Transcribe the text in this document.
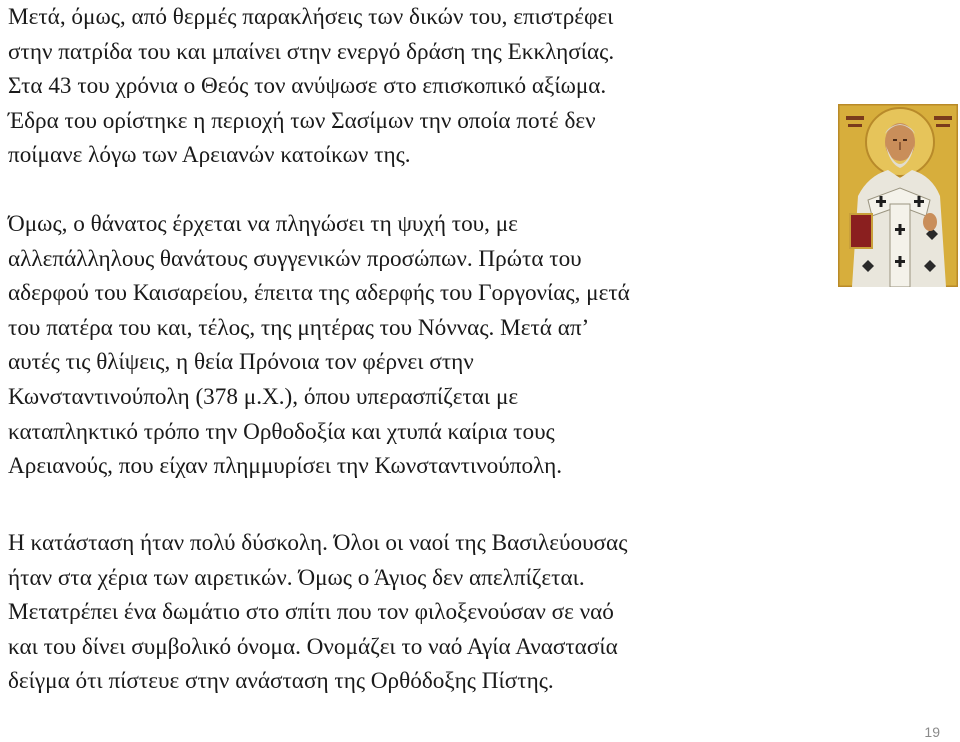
Μετά, όμως, από θερμές παρακλήσεις των δικών του, επιστρέφει
στην πατρίδα του και μπαίνει στην ενεργό δράση της Εκκλησίας.
Στα 43 του χρόνια ο Θεός τον ανύψωσε στο επισκοπικό αξίωμα.
Έδρα του ορίστηκε η περιοχή των Σασίμων την οποία ποτέ δεν
ποίμανε λόγω των Αρειανών κατοίκων της.

Όμως, ο θάνατος έρχεται να πληγώσει τη ψυχή του, με
αλλεπάλληλους θανάτους συγγενικών προσώπων. Πρώτα του
αδερφού του Καισαρείου, έπειτα της αδερφής του Γοργονίας, μετά
του πατέρα του και, τέλος, της μητέρας του Νόννας. Μετά απ’
αυτές τις θλίψεις, η θεία Πρόνοια τον φέρνει στην
Κωνσταντινούπολη (378 μ.Χ.), όπου υπερασπίζεται με
καταπληκτικό τρόπο την Ορθοδοξία και χτυπά καίρια τους
Αρειανούς, που είχαν πλημμυρίσει την Κωνσταντινούπολη.

Η κατάσταση ήταν πολύ δύσκολη. Όλοι οι ναοί της Βασιλεύουσας
ήταν στα χέρια των αιρετικών. Όμως ο Άγιος δεν απελπίζεται.
Μετατρέπει ένα δωμάτιο στο σπίτι που τον φιλοξενούσαν σε ναό
και του δίνει συμβολικό όνομα. Ονομάζει το ναό Αγία Αναστασία
δείγμα ότι πίστευε στην ανάσταση της Ορθόδοξης Πίστης.

19
